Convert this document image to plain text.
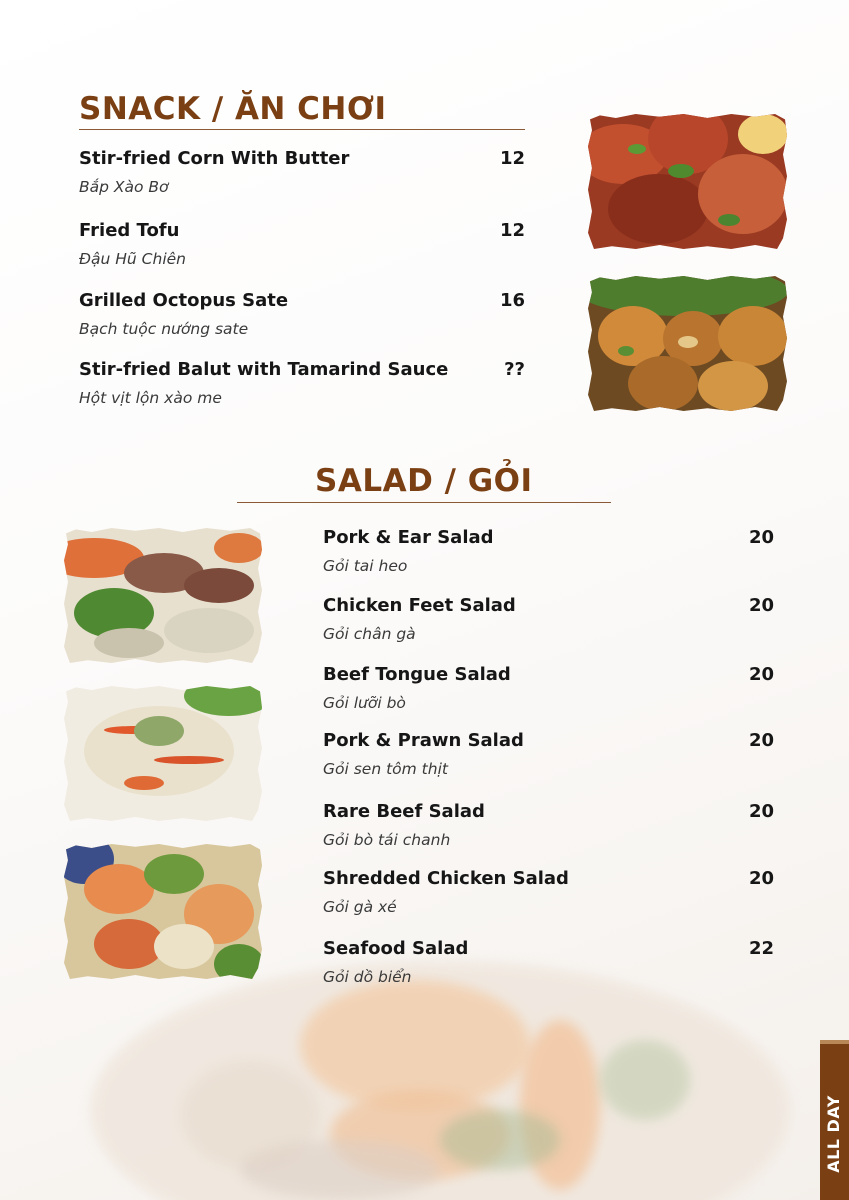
SNACK / ĂN CHƠI
Stir-fried Corn With Butter
Bắp Xào Bơ
12
Fried Tofu
Đậu Hũ Chiên
12
Grilled Octopus Sate
Bạch tuộc nướng sate
16
Stir-fried Balut with Tamarind Sauce
Hột vịt lộn xào me
??
SALAD / GỎI
Pork & Ear Salad
Gỏi tai heo
20
Chicken Feet Salad
Gỏi chân gà
20
Beef Tongue Salad
Gỏi lưỡi bò
20
Pork & Prawn Salad
Gỏi sen tôm thịt
20
Rare Beef Salad
Gỏi bò tái chanh
20
Shredded Chicken Salad
Gỏi gà xé
20
Seafood Salad
Gỏi dồ biển
22
ALL DAY
